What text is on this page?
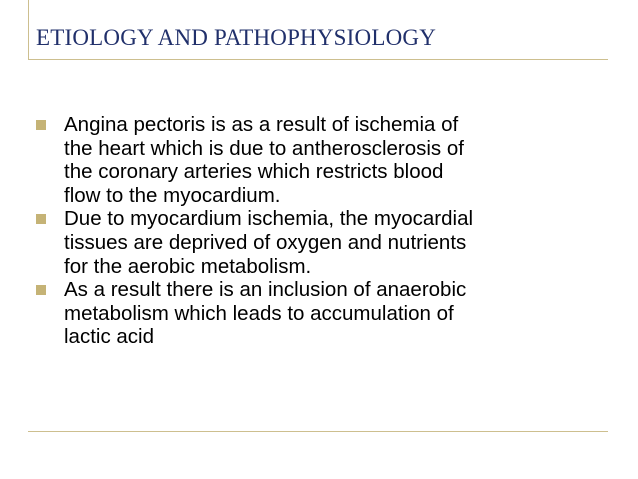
ETIOLOGY AND PATHOPHYSIOLOGY
Angina pectoris is as a result of ischemia of
the heart which is due to antherosclerosis of
the coronary arteries which restricts blood
flow to the myocardium.
Due to myocardium ischemia, the myocardial
tissues are deprived of oxygen and nutrients
for the aerobic metabolism.
As a result there is an inclusion of anaerobic
metabolism which leads to accumulation of
lactic acid
